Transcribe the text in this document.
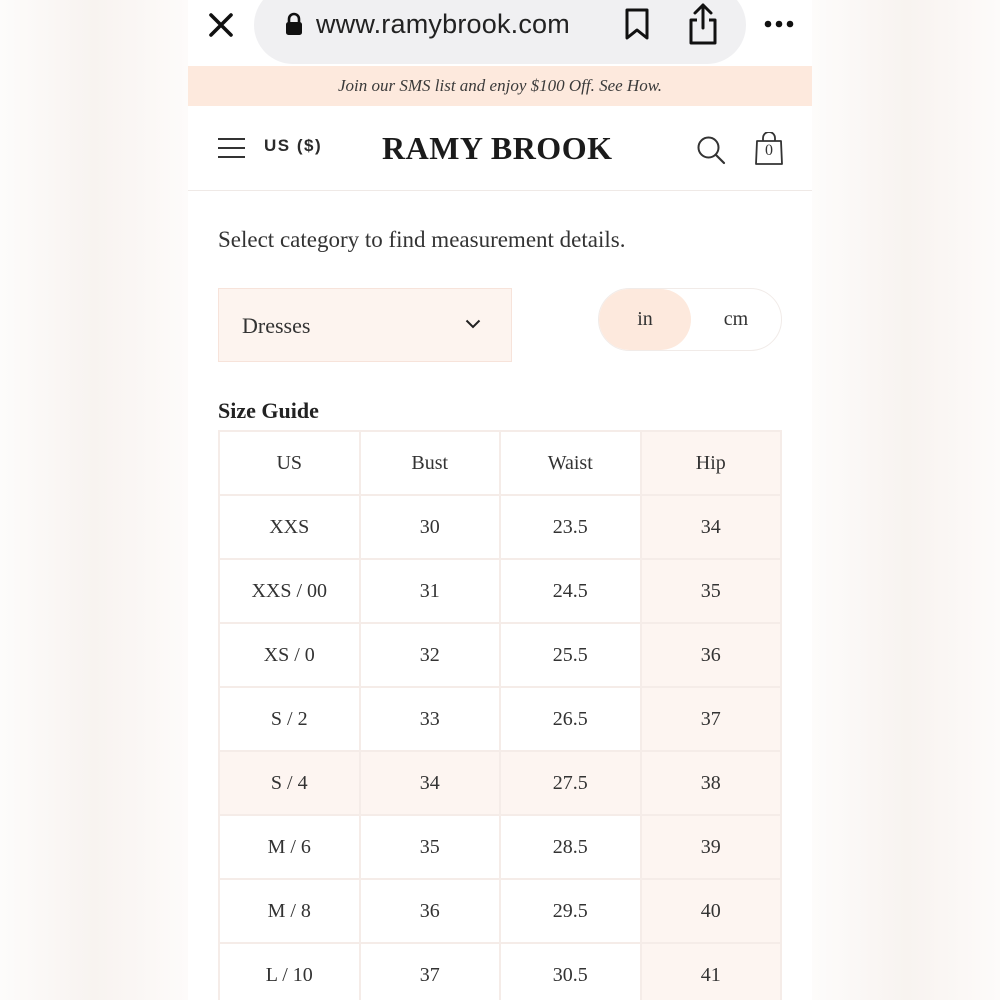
www.ramybrook.com
Join our SMS list and enjoy $100 Off. See How.
US ($) RAMY BROOK	0
Select category to find measurement details.
Dresses	in	cm
Size Guide
US	Bust	Waist	Hip
XXS	30	23.5	34
XXS / 00	31	24.5	35
XS / 0	32	25.5	36
S / 2	33	26.5	37
S / 4	34	27.5	38
M / 6	35	28.5	39
M / 8	36	29.5	40
L / 10	37	30.5	41
